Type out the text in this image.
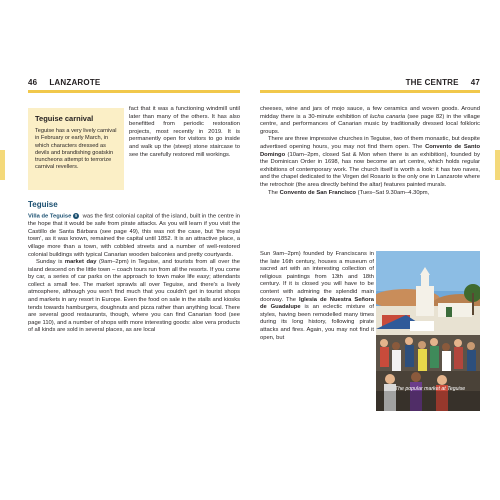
46 LANZAROTE	THE CENTRE 47
Teguise carnival
Teguise has a very lively carnival in February or early March, in which characters dressed as devils and brandishing goatskin truncheons attempt to terrorize carnival revellers.
fact that it was a functioning windmill until later than many of the others. It has also benefitted from periodic restoration projects, most recently in 2019. It is permanently open for visitors to go inside and walk up the (steep) stone staircase to see the carefully restored mill workings.
Teguise

Villa de Teguise 9 was the first colonial capital of the island, built in the centre in the hope that it would be safe from pirate attacks. As you will learn if you visit the Castillo de Santa Bárbara (see page 49), this was not the case, but 'the royal town', as it was known, remained the capital until 1852. It is an attractive place, a village more than a town, with cobbled streets and a number of well-restored colonial buildings with typical Canarian wooden balconies and pretty courtyards.

Sunday is market day (9am–2pm) in Teguise, and tourists from all over the island descend on the little town – coach tours run from all the resorts. If you come by car, a series of car parks on the approach to town make life easy; attendants collect a small fee. The market sprawls all over Teguise, and there's a lively atmosphere, although you won't find much that you couldn't get in tourist shops and markets in any resort in Europe. Even the food on sale in the stalls and kiosks tends towards hamburgers, doughnuts and pizza rather than anything local. There are several good restaurants, though, where you can find Canarian food (see page 110), and a number of shops with more interesting goods: aloe vera products of all kinds are sold in several places, as are local

cheeses, wine and jars of mojo sauce, a few ceramics and woven goods. Around midday there is a 30-minute exhibition of lucha canaria (see page 82) in the village centre, and performances of Canarian music by traditionally dressed local folkloric groups.

There are three impressive churches in Teguise, two of them monastic, but despite advertised opening hours, you may not find them open. The Convento de Santo Domingo (10am–2pm, closed Sat & Mon when there is an exhibition), founded by the Dominican Order in 1698, has now become an art centre, which holds regular exhibitions of contemporary work. The church itself is worth a look: it has two naves, and the chapel dedicated to the Virgen del Rosario is the only one in Lanzarote where the retrochoir (the area directly behind the altar) features painted murals.

The Convento de San Francisco (Tues–Sat 9.30am–4.30pm,

Sun 9am–2pm) founded by Franciscans in the late 16th century, houses a museum of sacred art with an interesting collection of religious paintings from 13th and 18th century. If it is closed you will have to be content with admiring the splendid main doorway. The Iglesia de Nuestra Señora de Guadalupe is an eclectic mixture of styles, having been remodelled many times during its long history, following pirate attacks and fires. Again, you may not find it open, but
The popular market at Teguise
